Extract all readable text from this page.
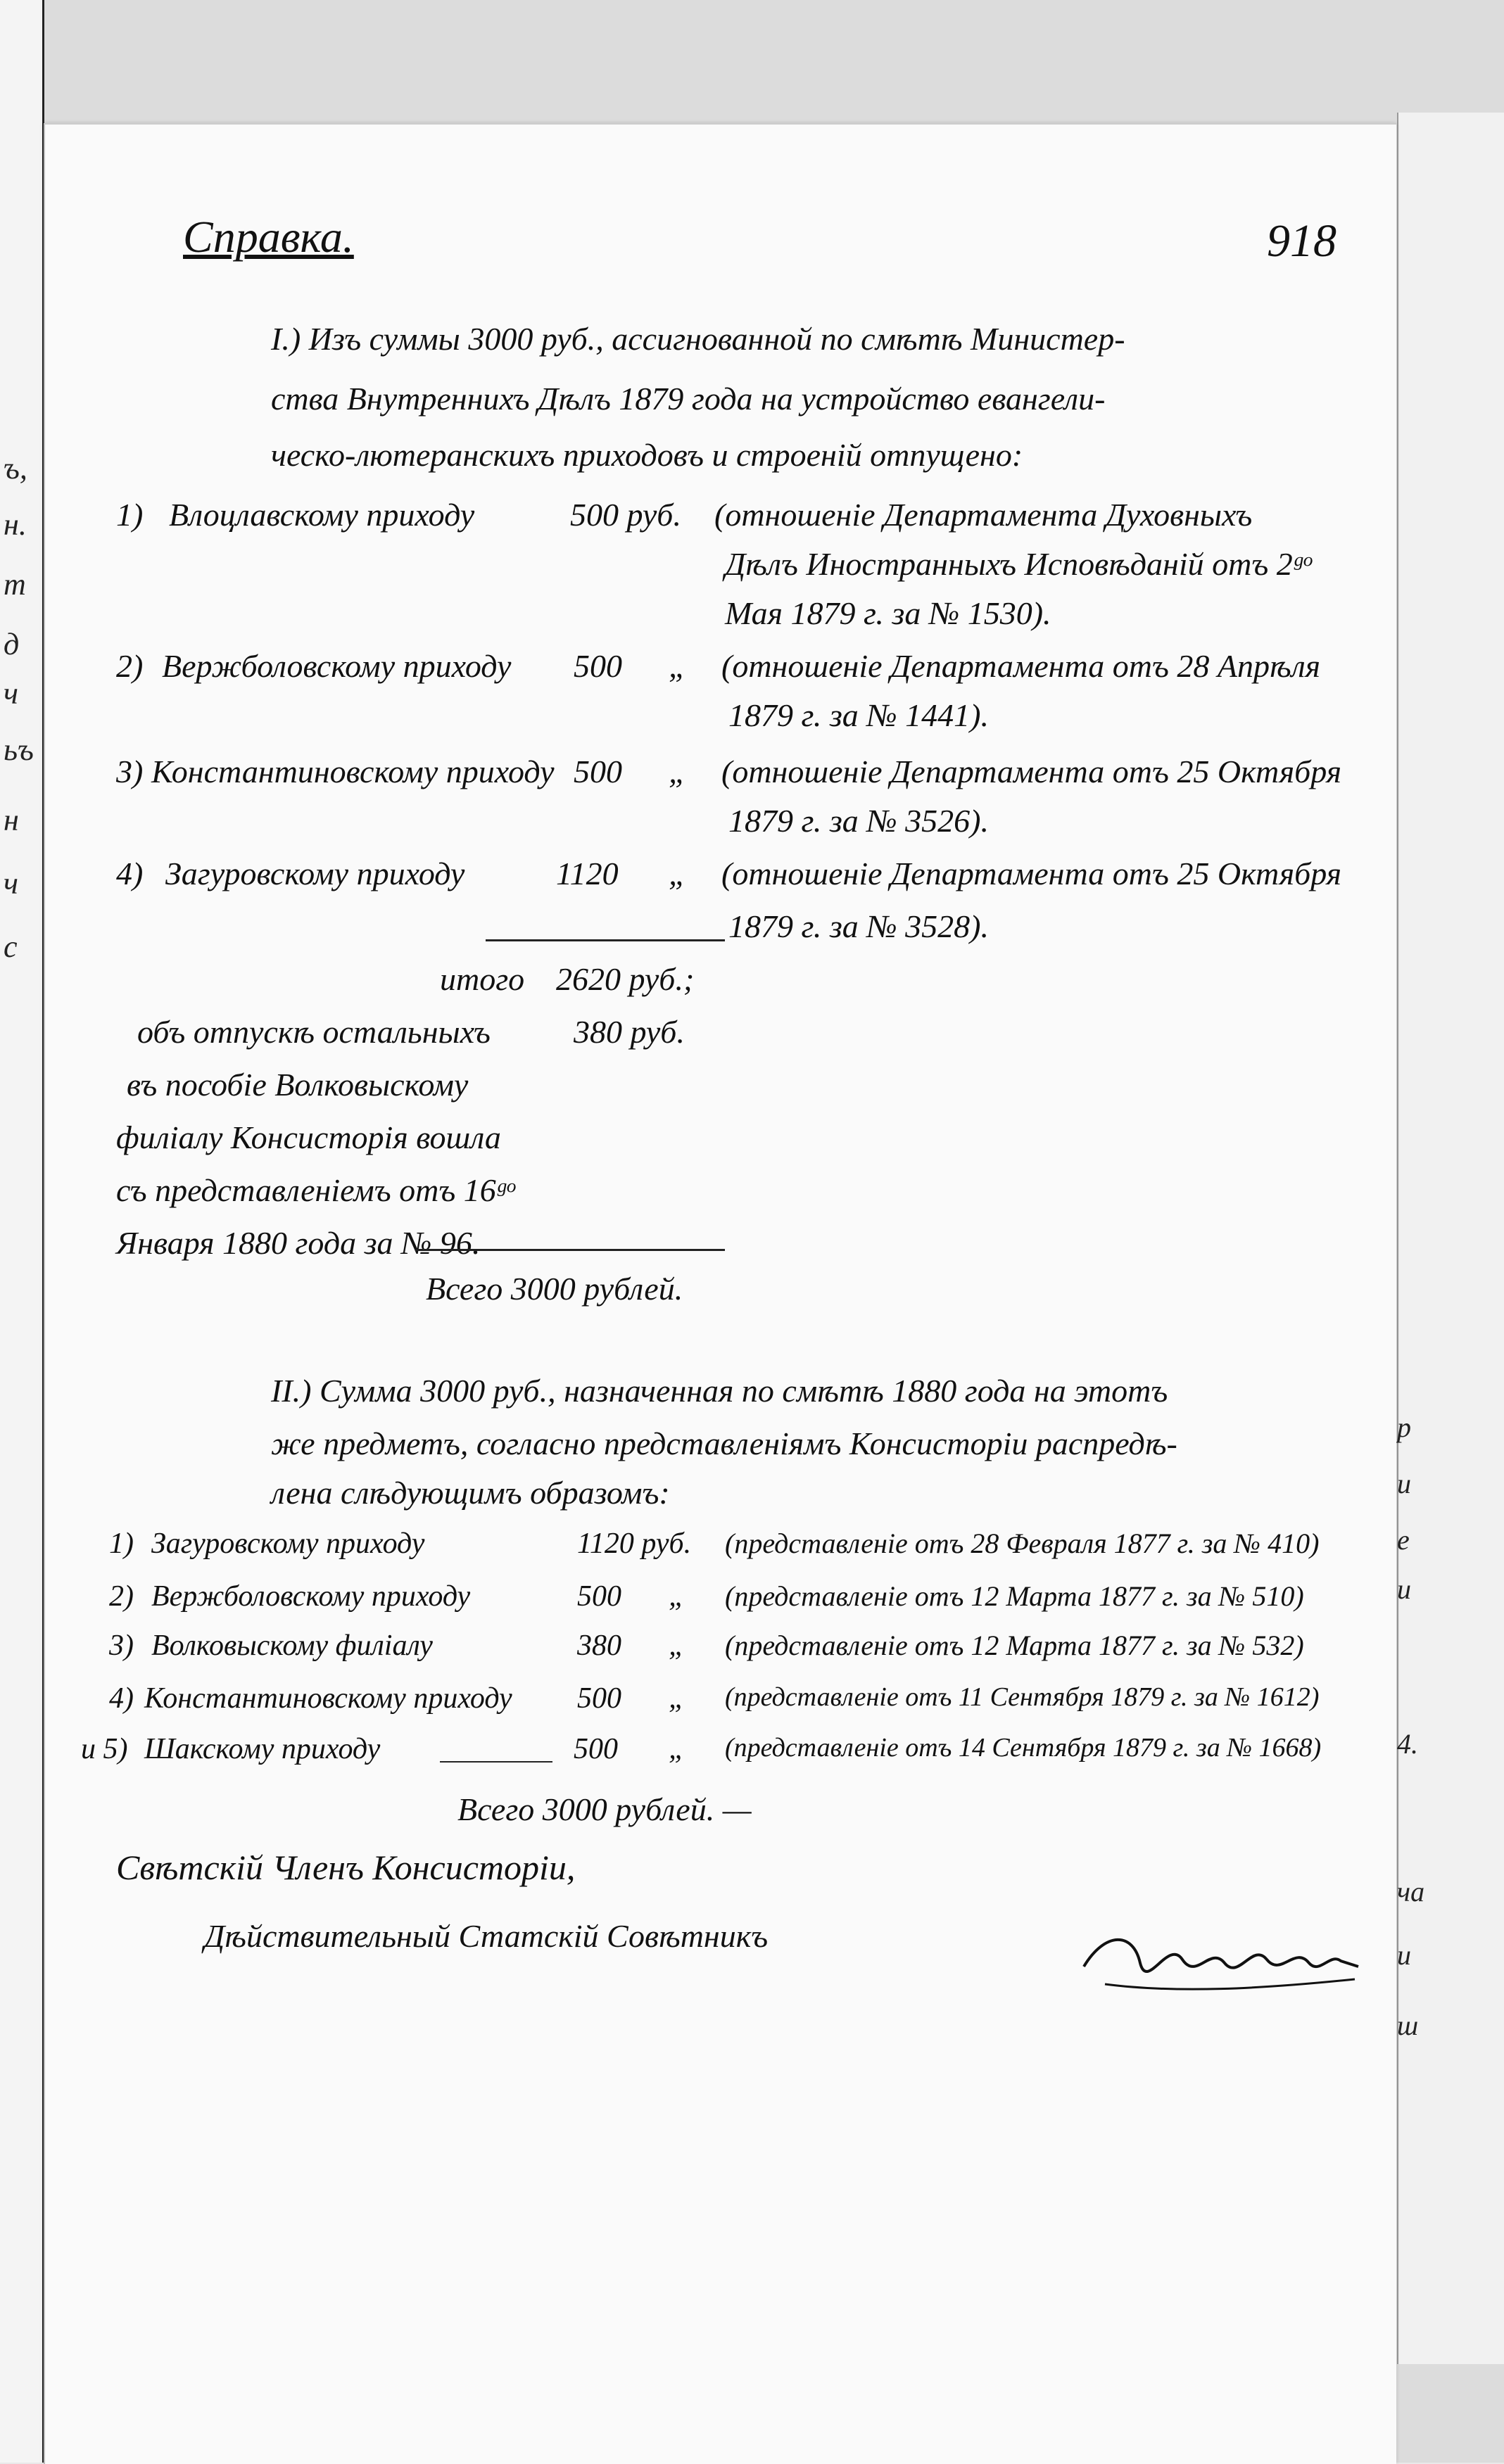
ъ,
н.
т
д
ч
ьъ
н
ч
с
р
и
е
и
4.
ча
и
ш
Справка.	918
I.) Изъ суммы 3000 руб., ассигнованной по смѣтѣ Министер-
ства Внутреннихъ Дѣлъ 1879 года на устройство евангели-
ческо-лютеранскихъ приходовъ и строеній отпущено:
1) Влоцлавскому приходу	500 руб. (отношеніе Департамента Духовныхъ
Дѣлъ Иностранныхъ Исповѣданій отъ 2ᵍᵒ
Мая 1879 г. за № 1530).
2) Вержболовскому приходу 500 „ (отношеніе Департамента отъ 28 Апрѣля
1879 г. за № 1441).
3) Константиновскому приходу 500 „ (отношеніе Департамента отъ 25 Октября
1879 г. за № 3526).
4) Загуровскому приходу	1120 „ (отношеніе Департамента отъ 25 Октября
1879 г. за № 3528).
итого 2620 руб.;
объ отпускѣ остальныхъ	380 руб.
въ пособіе Волковыскому
филіалу Консисторія вошла
съ представленіемъ отъ 16ᵍᵒ
Января 1880 года за № 96.
Всего 3000 рублей.
II.) Сумма 3000 руб., назначенная по смѣтѣ 1880 года на этотъ
же предметъ, согласно представленіямъ Консисторіи распредѣ-
лена слѣдующимъ образомъ:
1) Загуровскому приходу	1120 руб. (представленіе отъ 28 Февраля 1877 г. за № 410)
2) Вержболовскому приходу	500 „ (представленіе отъ 12 Марта 1877 г. за № 510)
3) Волковыскому филіалу	380 „ (представленіе отъ 12 Марта 1877 г. за № 532)
4) Константиновскому приходу 500 „ (представленіе отъ 11 Сентября 1879 г. за № 1612)
и 5) Шакскому приходу	500 „ (представленіе отъ 14 Сентября 1879 г. за № 1668)
Всего 3000 рублей. —
Свѣтскій Членъ Консисторіи,
Дѣйствительный Статскій Совѣтникъ
